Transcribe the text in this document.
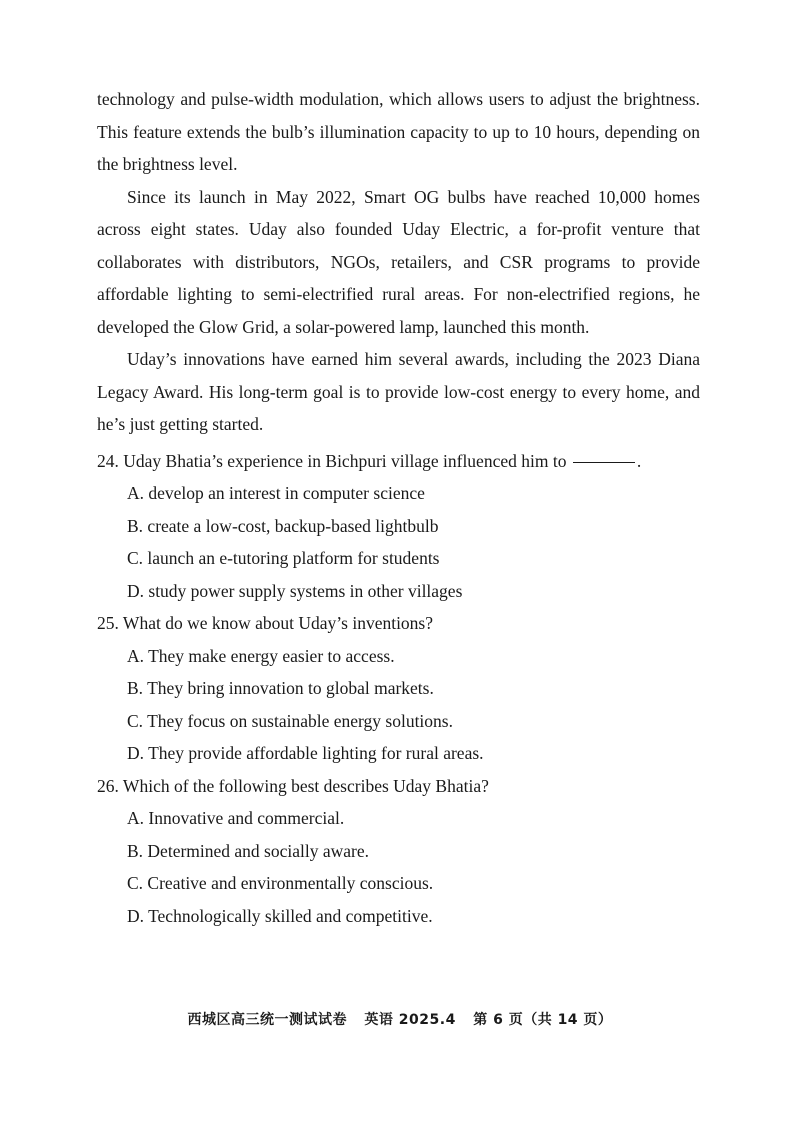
technology and pulse-width modulation, which allows users to adjust the brightness. This feature extends the bulb’s illumination capacity to up to 10 hours, depending on the brightness level.

Since its launch in May 2022, Smart OG bulbs have reached 10,000 homes across eight states. Uday also founded Uday Electric, a for-profit venture that collaborates with distributors, NGOs, retailers, and CSR programs to provide affordable lighting to semi-electrified rural areas. For non-electrified regions, he developed the Glow Grid, a solar-powered lamp, launched this month.

Uday’s innovations have earned him several awards, including the 2023 Diana Legacy Award. His long-term goal is to provide low-cost energy to every home, and he’s just getting started.

24. Uday Bhatia’s experience in Bichpuri village influenced him to	.

A. develop an interest in computer science
B. create a low-cost, backup-based lightbulb
C. launch an e-tutoring platform for students
D. study power supply systems in other villages

25. What do we know about Uday’s inventions?

A. They make energy easier to access.
B. They bring innovation to global markets.
C. They focus on sustainable energy solutions.
D. They provide affordable lighting for rural areas.

26. Which of the following best describes Uday Bhatia?

A. Innovative and commercial.
B. Determined and socially aware.
C. Creative and environmentally conscious.
D. Technologically skilled and competitive.
西城区高三统一测试试卷 英语 2025.4 第 6 页（共 14 页）
